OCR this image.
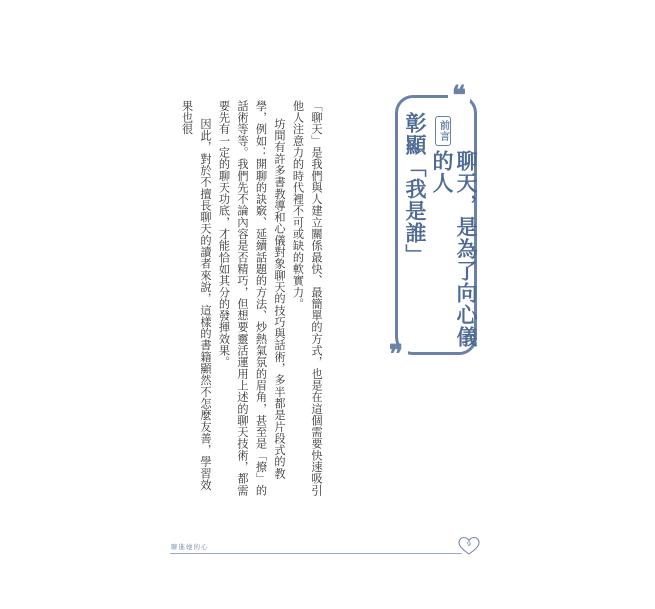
❝
❞
前言
聊天，是為了向心儀的人
彰顯「我是誰」

「聊天」是我們與人建立關係最快、最簡單的方式，也是在這個需要快速吸引他人注意力的時代裡不可或缺的軟實力。

坊間有許多書教導和心儀對象聊天的技巧與話術，多半都是片段式的教學，例如：開聊的訣竅、延續話題的方法、炒熱氣氛的眉角，甚至是「撩」的話術等等。我們先不論內容是否精巧，但想要靈活運用上述的聊天技術，都需要先有一定的聊天功底，才能恰如其分的發揮效果。

因此，對於不擅長聊天的讀者來說，這樣的書籍顯然不怎麼友善，學習效果也很

聊進她的心	9
